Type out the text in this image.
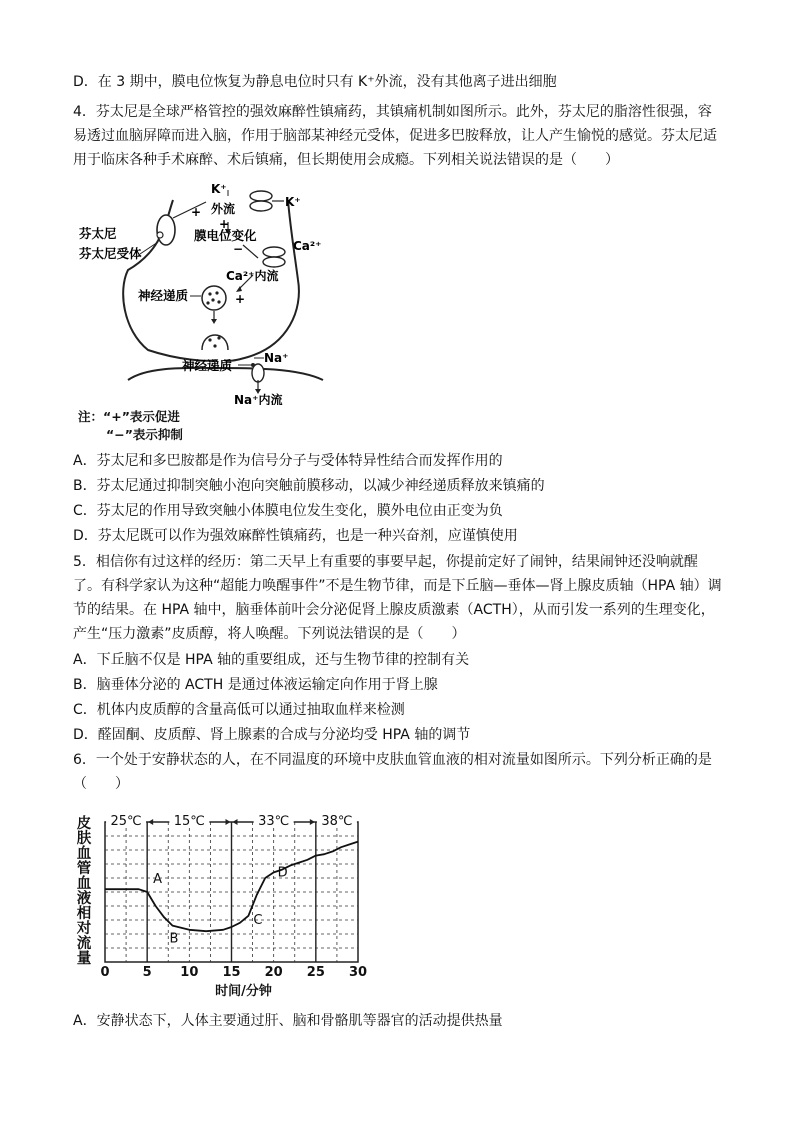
D．在 3 期中，膜电位恢复为静息电位时只有 K⁺外流，没有其他离子进出细胞
4．芬太尼是全球严格管控的强效麻醉性镇痛药，其镇痛机制如图所示。此外，芬太尼的脂溶性很强，容易透过血脑屏障而进入脑，作用于脑部某神经元受体，促进多巴胺释放，让人产生愉悦的感觉。芬太尼适用于临床各种手术麻醉、术后镇痛，但长期使用会成瘾。下列相关说法错误的是（　　）
K⁺
+ 外流	K⁺
+
芬太尼
芬太尼受体
膜电位变化
−	Ca²⁺
Ca²⁺内流
神经递质	+
神经递质	Na⁺
Na⁺内流
注：“+”表示促进
“−”表示抑制
A．芬太尼和多巴胺都是作为信号分子与受体特异性结合而发挥作用的
B．芬太尼通过抑制突触小泡向突触前膜移动，以减少神经递质释放来镇痛的
C．芬太尼的作用导致突触小体膜电位发生变化，膜外电位由正变为负
D．芬太尼既可以作为强效麻醉性镇痛药，也是一种兴奋剂，应谨慎使用
5．相信你有过这样的经历：第二天早上有重要的事要早起，你提前定好了闹钟，结果闹钟还没响就醒了。有科学家认为这种“超能力唤醒事件”不是生物节律，而是下丘脑—垂体—肾上腺皮质轴（HPA 轴）调节的结果。在 HPA 轴中，脑垂体前叶会分泌促肾上腺皮质激素（ACTH），从而引发一系列的生理变化，产生“压力激素”皮质醇，将人唤醒。下列说法错误的是（　　）
A．下丘脑不仅是 HPA 轴的重要组成，还与生物节律的控制有关
B．脑垂体分泌的 ACTH 是通过体液运输定向作用于肾上腺
C．机体内皮质醇的含量高低可以通过抽取血样来检测
D．醛固酮、皮质醇、肾上腺素的合成与分泌均受 HPA 轴的调节
6．一个处于安静状态的人，在不同温度的环境中皮肤血管血液的相对流量如图所示。下列分析正确的是（　　）
25℃ 15℃	33℃ 38℃
A
B
C
D
0	5 10 15 20 25 30
时间/分钟
皮
肤
血
管
血
液
相
对
流
量
A．安静状态下，人体主要通过肝、脑和骨骼肌等器官的活动提供热量
